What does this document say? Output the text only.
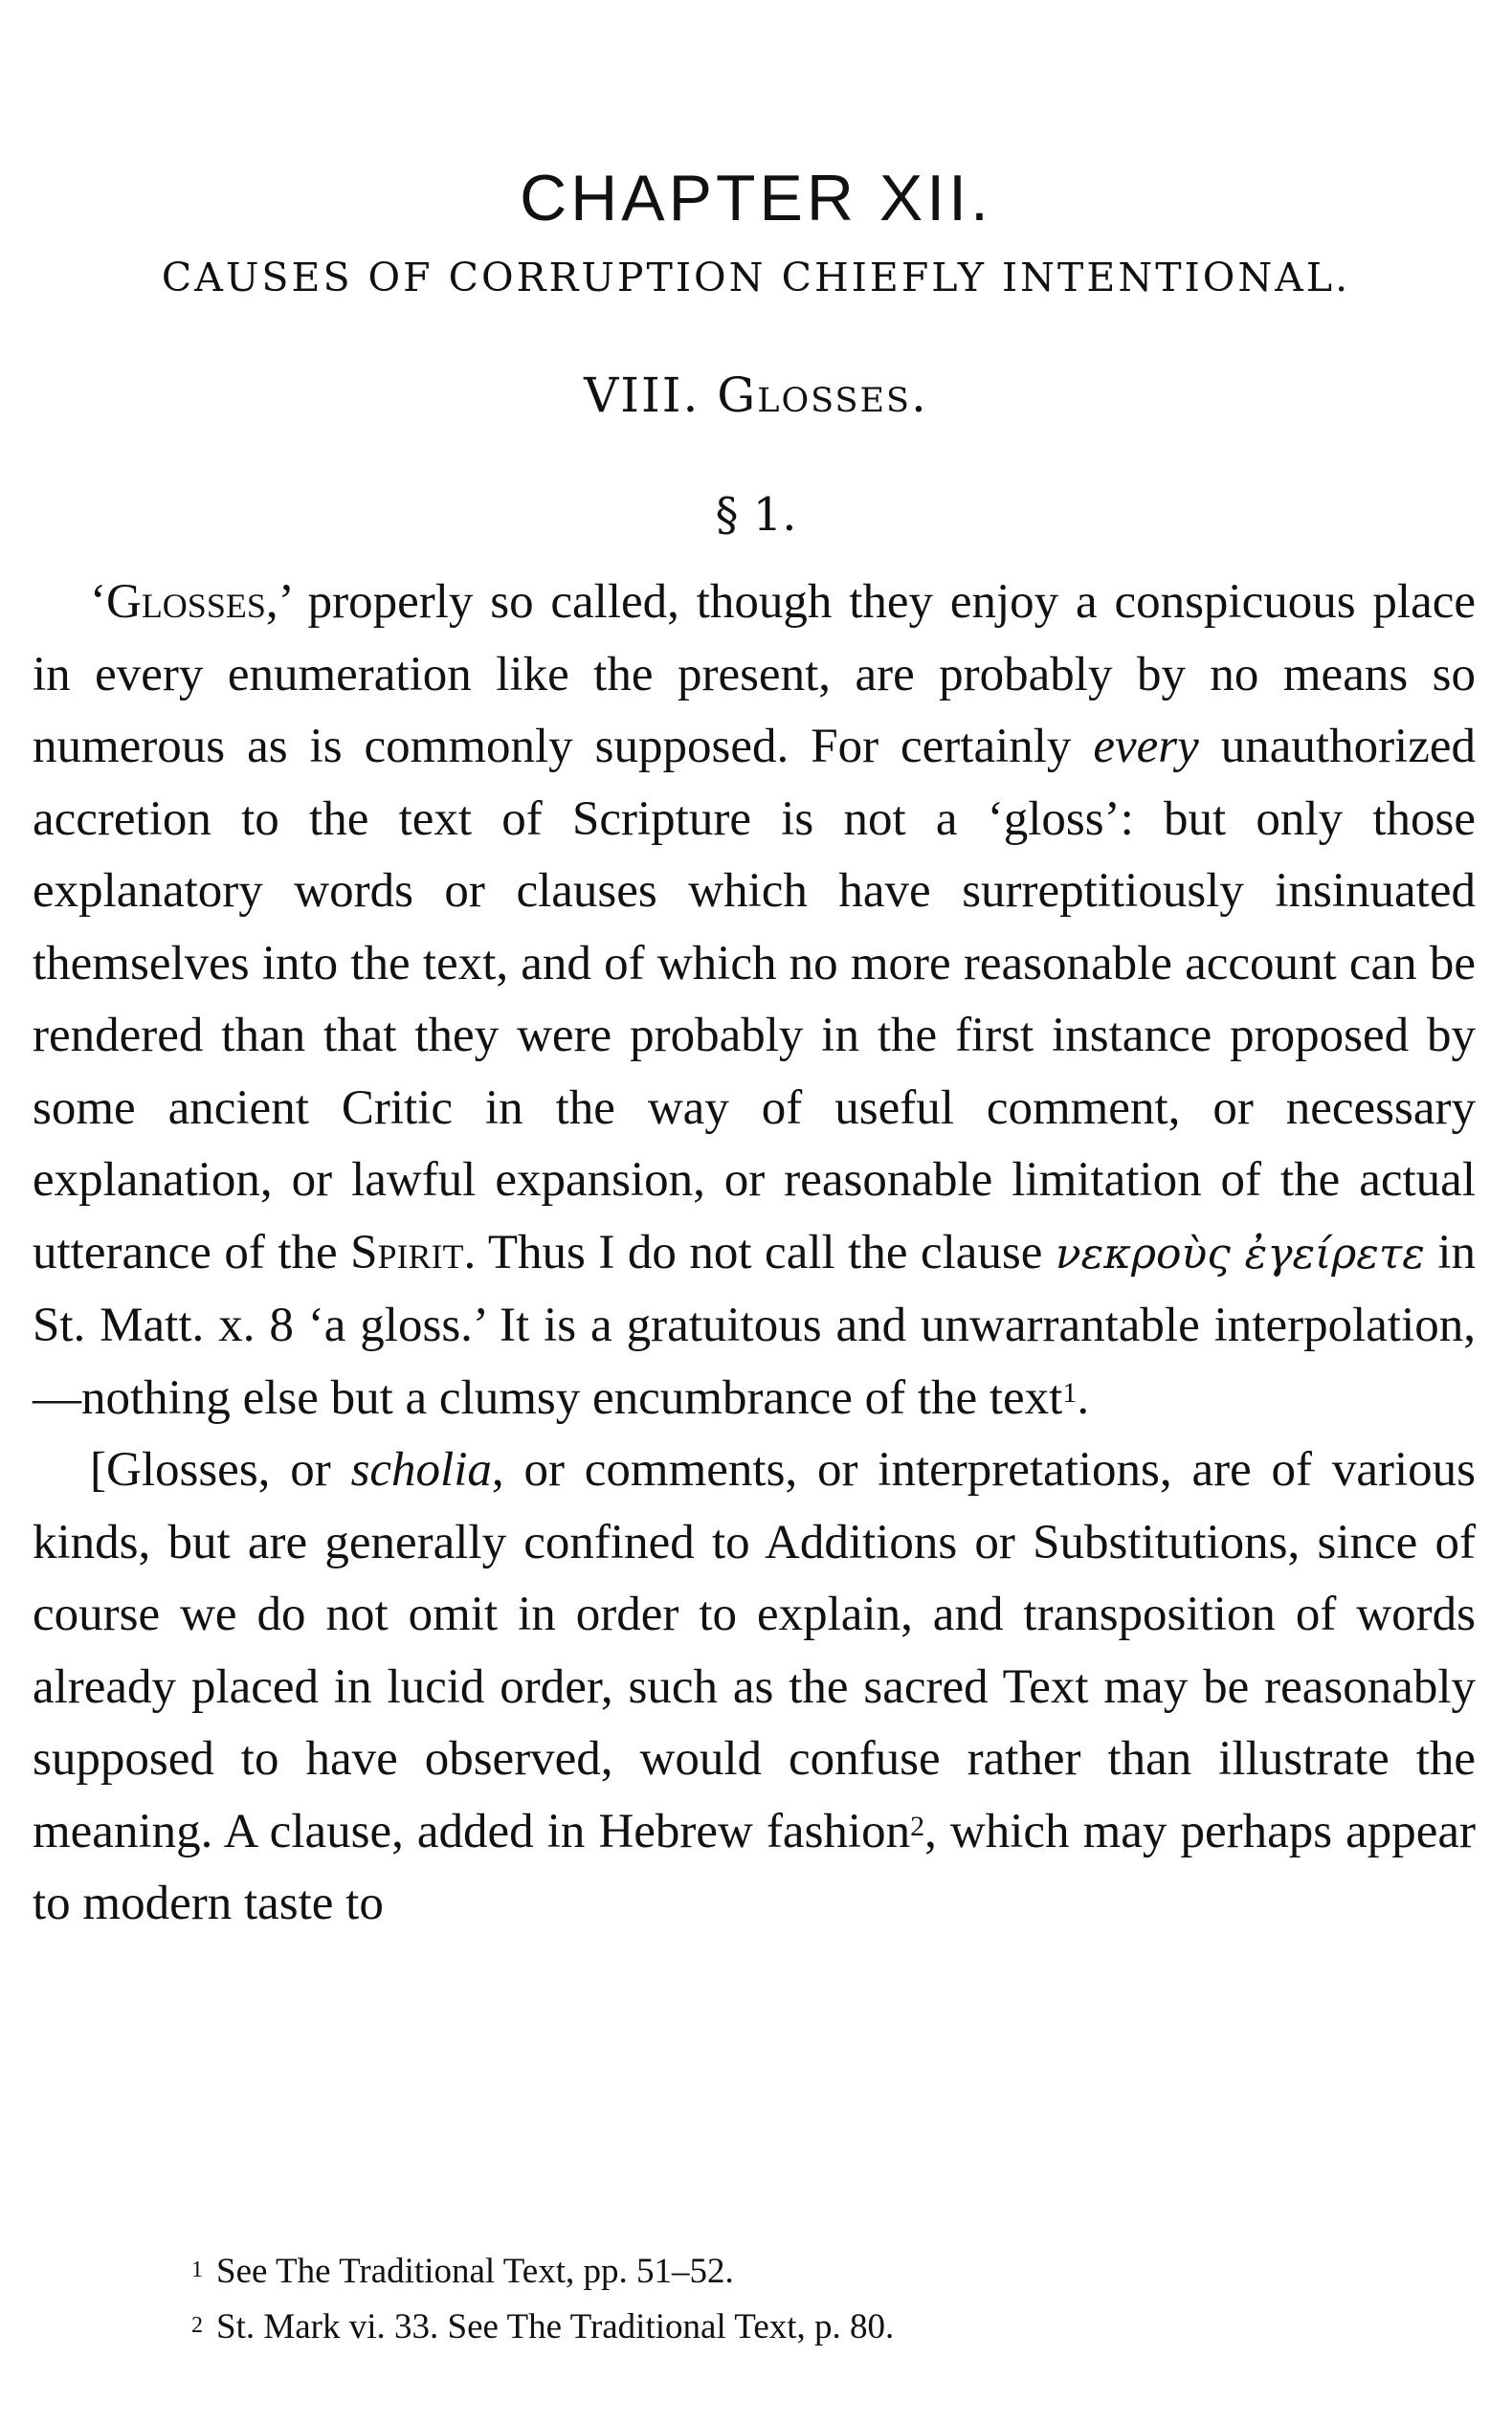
CHAPTER XII.
CAUSES OF CORRUPTION CHIEFLY INTENTIONAL.
VIII. Glosses.
§ 1.

‘Glosses,’ properly so called, though they enjoy a conspicuous place in every enumeration like the present, are probably by no means so numerous as is commonly supposed. For certainly every unauthorized accretion to the text of Scripture is not a ‘gloss’: but only those explanatory words or clauses which have surreptitiously insinuated themselves into the text, and of which no more reasonable account can be rendered than that they were probably in the first instance proposed by some ancient Critic in the way of useful comment, or necessary explanation, or lawful expansion, or reasonable limitation of the actual utterance of the Spirit. Thus I do not call the clause νεκροὺς ἐγείρετε in St. Matt. x. 8 ‘a gloss.’ It is a gratuitous and unwarrantable interpolation,—nothing else but a clumsy encumbrance of the text$^1$.

[Glosses, or scholia, or comments, or interpretations, are of various kinds, but are generally confined to Additions or Substitutions, since of course we do not omit in order to explain, and transposition of words already placed in lucid order, such as the sacred Text may be reasonably supposed to have observed, would confuse rather than illustrate the meaning. A clause, added in Hebrew fashion$^2$, which may perhaps appear to modern taste to

$^1$ See The Traditional Text, pp. 51–52.
$^2$ St. Mark vi. 33. See The Traditional Text, p. 80.
